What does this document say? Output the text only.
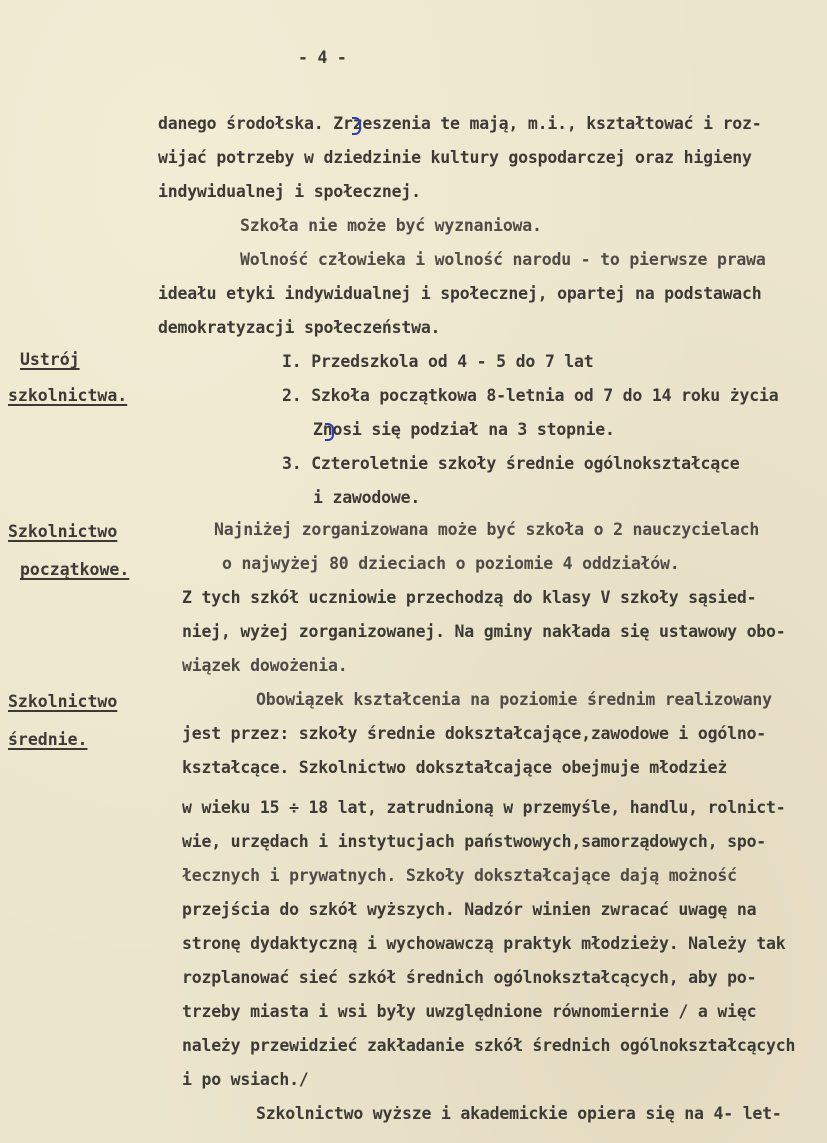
- 4 -
Ustrój
szkolnictwa.
Szkolnictwo
początkowe.
Szkolnictwo
średnie.
danego środołska. Zrzeszenia te mają, m.i., kształtować i roz-
wijać potrzeby w dziedzinie kultury gospodarczej oraz higieny
indywidualnej i społecznej.
Szkoła nie może być wyznaniowa.
Wolność człowieka i wolność narodu - to pierwsze prawa
ideału etyki indywidualnej i społecznej, opartej na podstawach
demokratyzacji społeczeństwa.
I. Przedszkola od 4 - 5 do 7 lat
2. Szkoła początkowa 8-letnia od 7 do 14 roku życia
Znosi się podział na 3 stopnie.
3. Czteroletnie szkoły średnie ogólnokształcące
i zawodowe.
Najniżej zorganizowana może być szkoła o 2 nauczycielach
o najwyżej 80 dzieciach o poziomie 4 oddziałów.
Z tych szkół uczniowie przechodzą do klasy V szkoły sąsied-
niej, wyżej zorganizowanej. Na gminy nakłada się ustawowy obo-
wiązek dowożenia.
Obowiązek kształcenia na poziomie średnim realizowany
jest przez: szkoły średnie dokształcające,zawodowe i ogólno-
kształcące. Szkolnictwo dokształcające obejmuje młodzież
w wieku 15 ÷ 18 lat, zatrudnioną w przemyśle, handlu, rolnict-
wie, urzędach i instytucjach państwowych,samorządowych, spo-
łecznych i prywatnych. Szkoły dokształcające dają możność
przejścia do szkół wyższych. Nadzór winien zwracać uwagę na
stronę dydaktyczną i wychowawczą praktyk młodzieży. Należy tak
rozplanować sieć szkół średnich ogólnokształcących, aby po-
trzeby miasta i wsi były uwzględnione równomiernie / a więc
należy przewidzieć zakładanie szkół średnich ogólnokształcących
i po wsiach./
Szkolnictwo wyższe i akademickie opiera się na 4- let-
